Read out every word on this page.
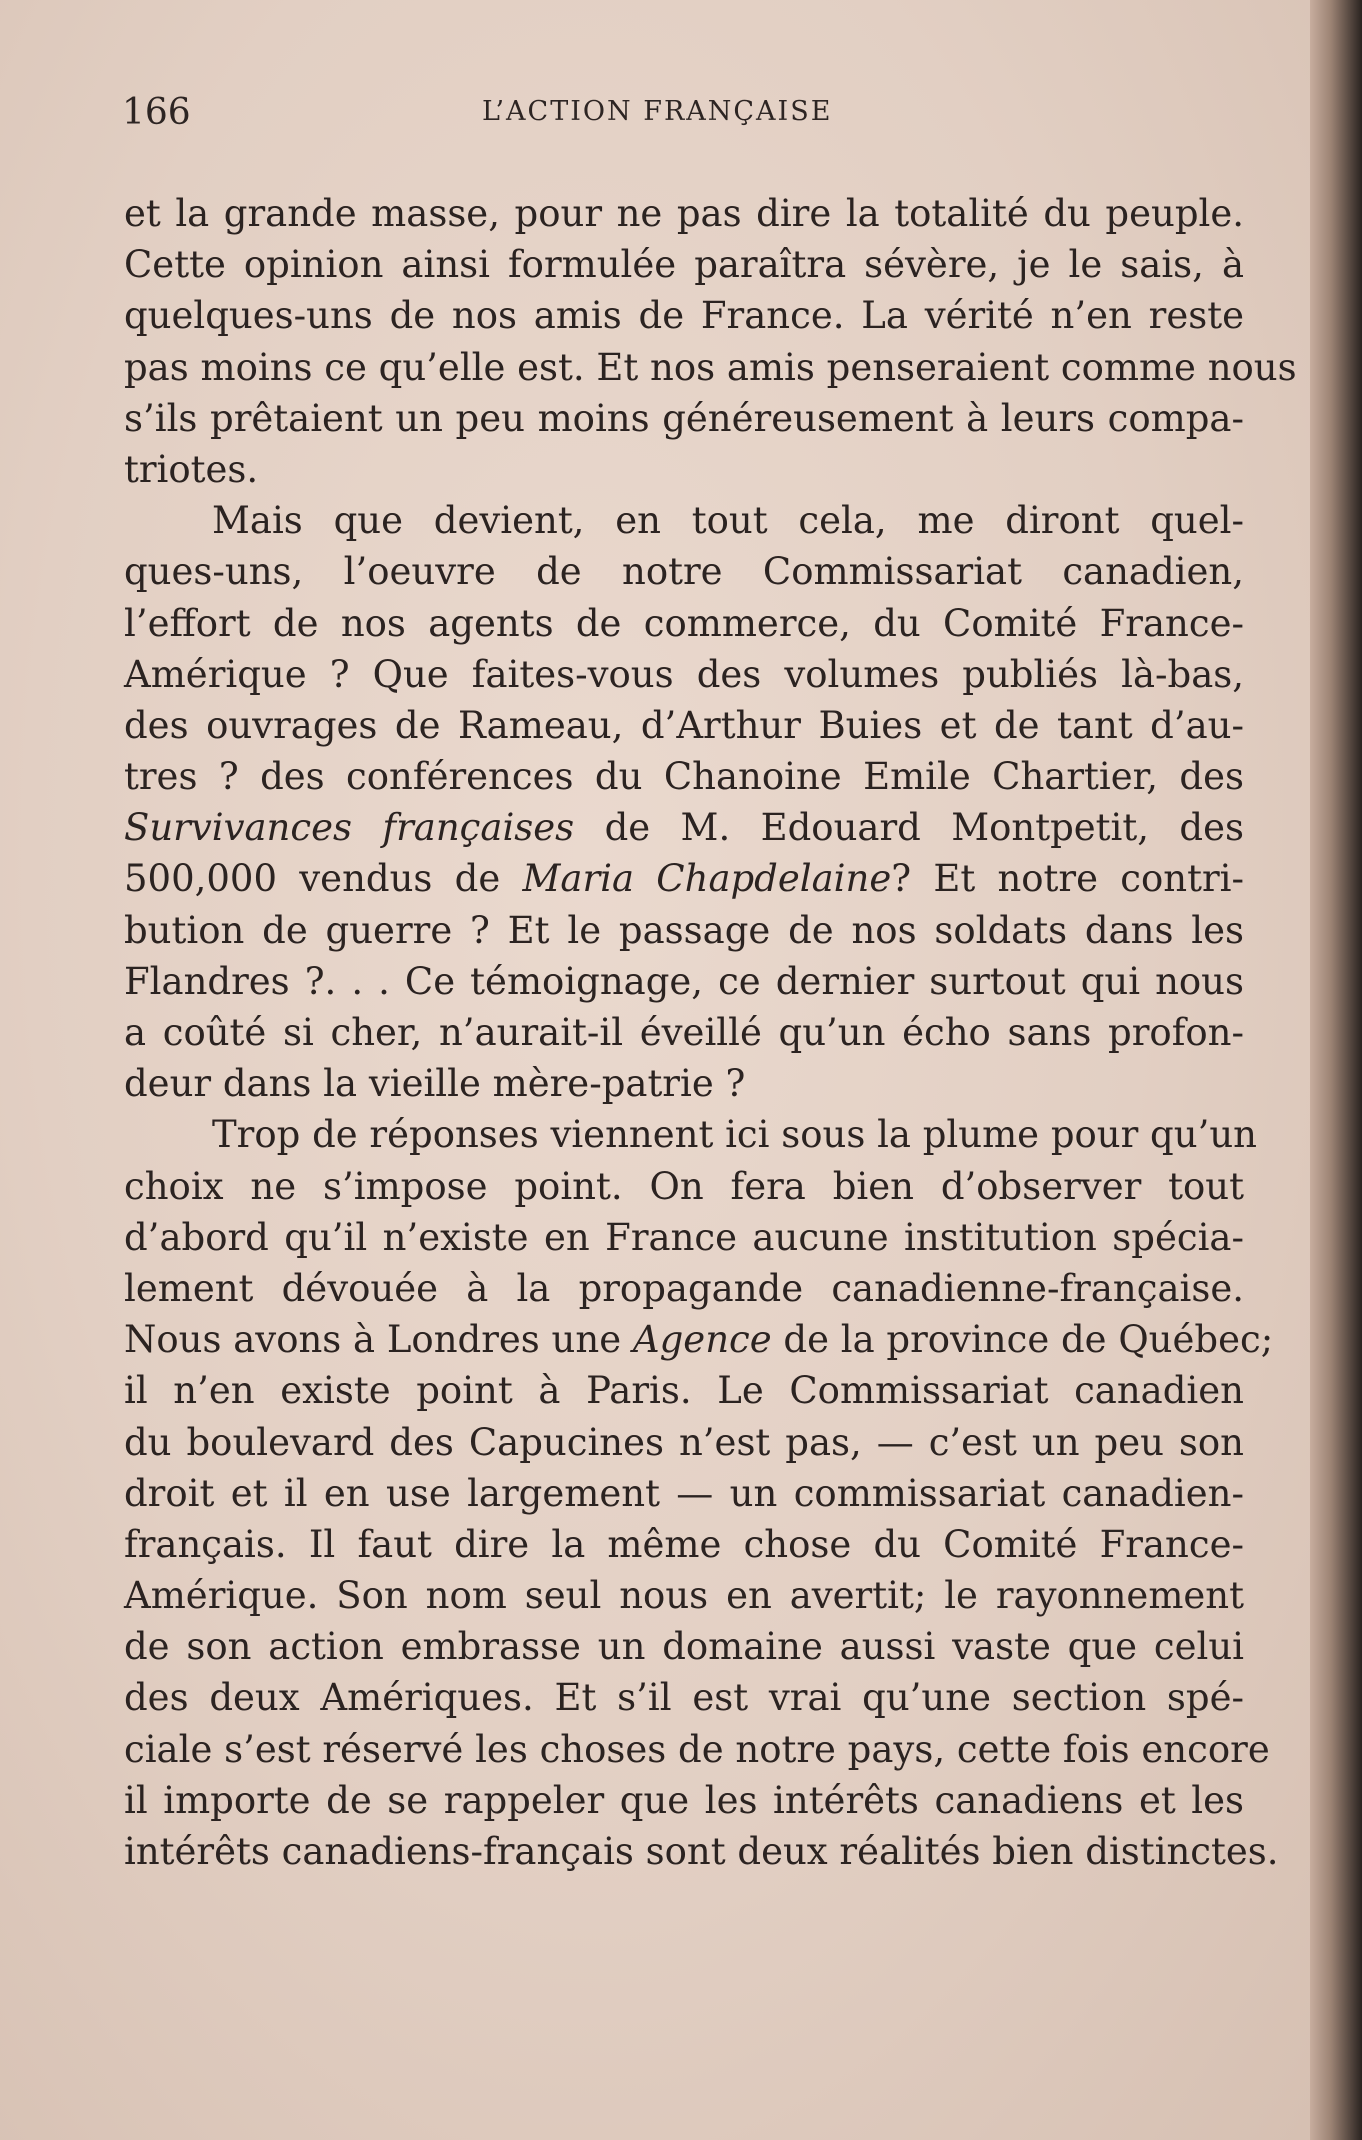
166	L’ACTION FRANÇAISE
et la grande masse, pour ne pas dire la totalité du peuple.
Cette opinion ainsi formulée paraîtra sévère, je le sais, à
quelques-uns de nos amis de France. La vérité n’en reste
pas moins ce qu’elle est. Et nos amis penseraient comme nous
s’ils prêtaient un peu moins généreusement à leurs compa-
triotes.
Mais que devient, en tout cela, me diront quel-
ques-uns, l’oeuvre de notre Commissariat canadien,
l’effort de nos agents de commerce, du Comité France-
Amérique ? Que faites-vous des volumes publiés là-bas,
des ouvrages de Rameau, d’Arthur Buies et de tant d’au-
tres ? des conférences du Chanoine Emile Chartier, des
Survivances françaises de M. Edouard Montpetit, des
500,000 vendus de Maria Chapdelaine? Et notre contri-
bution de guerre ? Et le passage de nos soldats dans les
Flandres ?. . . Ce témoignage, ce dernier surtout qui nous
a coûté si cher, n’aurait-il éveillé qu’un écho sans profon-
deur dans la vieille mère-patrie ?
Trop de réponses viennent ici sous la plume pour qu’un
choix ne s’impose point. On fera bien d’observer tout
d’abord qu’il n’existe en France aucune institution spécia-
lement dévouée à la propagande canadienne-française.
Nous avons à Londres une Agence de la province de Québec;
il n’en existe point à Paris. Le Commissariat canadien
du boulevard des Capucines n’est pas, — c’est un peu son
droit et il en use largement — un commissariat canadien-
français. Il faut dire la même chose du Comité France-
Amérique. Son nom seul nous en avertit; le rayonnement
de son action embrasse un domaine aussi vaste que celui
des deux Amériques. Et s’il est vrai qu’une section spé-
ciale s’est réservé les choses de notre pays, cette fois encore
il importe de se rappeler que les intérêts canadiens et les
intérêts canadiens-français sont deux réalités bien distinctes.
